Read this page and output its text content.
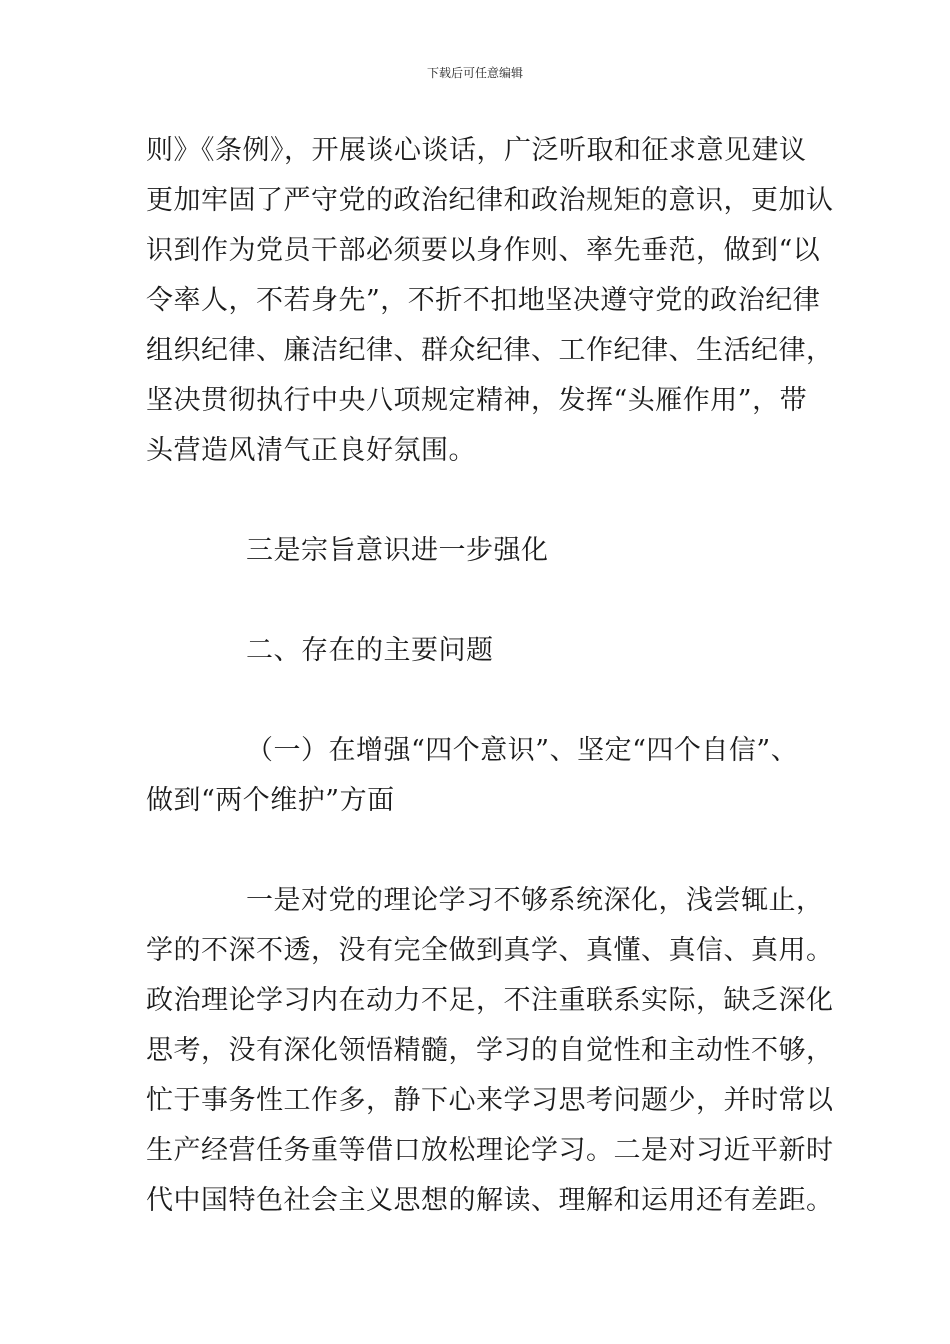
下载后可任意编辑
则》《条例》，开展谈心谈话，广泛听取和征求意见建议
更加牢固了严守党的政治纪律和政治规矩的意识，更加认
识到作为党员干部必须要以身作则、率先垂范，做到“以
令率人，不若身先”，不折不扣地坚决遵守党的政治纪律
组织纪律、廉洁纪律、群众纪律、工作纪律、生活纪律，
坚决贯彻执行中央八项规定精神，发挥“头雁作用”，带
头营造风清气正良好氛围。
三是宗旨意识进一步强化
二、存在的主要问题
（一）在增强“四个意识”、坚定“四个自信”、
做到“两个维护”方面
一是对党的理论学习不够系统深化，浅尝辄止，
学的不深不透，没有完全做到真学、真懂、真信、真用。
政治理论学习内在动力不足，不注重联系实际，缺乏深化
思考，没有深化领悟精髓，学习的自觉性和主动性不够，
忙于事务性工作多，静下心来学习思考问题少，并时常以
生产经营任务重等借口放松理论学习。二是对习近平新时
代中国特色社会主义思想的解读、理解和运用还有差距。
